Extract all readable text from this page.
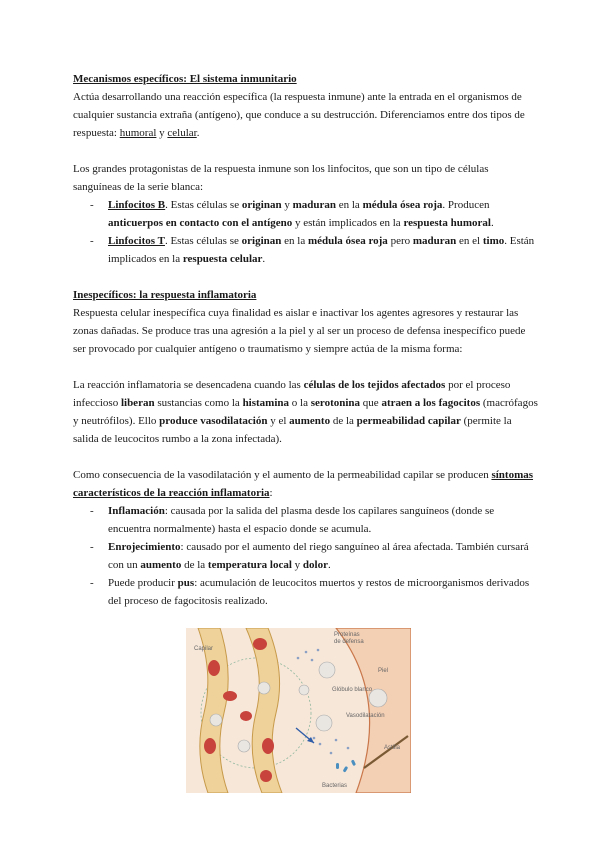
Mecanismos específicos: El sistema inmunitario

Actúa desarrollando una reacción específica (la respuesta inmune) ante la entrada en el organismos de cualquier sustancia extraña (antígeno), que conduce a su destrucción. Diferenciamos entre dos tipos de respuesta: humoral y celular.

Los grandes protagonistas de la respuesta inmune son los linfocitos, que son un tipo de células sanguíneas de la serie blanca:

- Linfocitos B. Estas células se originan y maduran en la médula ósea roja. Producen anticuerpos en contacto con el antígeno y están implicados en la respuesta humoral.
- Linfocitos T. Estas células se originan en la médula ósea roja pero maduran en el timo. Están implicados en la respuesta celular.
Inespecíficos: la respuesta inflamatoria

Respuesta celular inespecífica cuya finalidad es aislar e inactivar los agentes agresores y restaurar las zonas dañadas. Se produce tras una agresión a la piel y al ser un proceso de defensa inespecífico puede ser provocado por cualquier antígeno o traumatismo y siempre actúa de la misma forma:

La reacción inflamatoria se desencadena cuando las células de los tejidos afectados por el proceso infeccioso liberan sustancias como la histamina o la serotonina que atraen a los fagocitos (macrófagos y neutrófilos). Ello produce vasodilatación y el aumento de la permeabilidad capilar (permite la salida de leucocitos rumbo a la zona infectada).

Como consecuencia de la vasodilatación y el aumento de la permeabilidad capilar se producen síntomas característicos de la reacción inflamatoria:

- Inflamación: causada por la salida del plasma desde los capilares sanguíneos (donde se encuentra normalmente) hasta el espacio donde se acumula.
- Enrojecimiento: causado por el aumento del riego sanguíneo al área afectada. También cursará con un aumento de la temperatura local y dolor.
- Puede producir pus: acumulación de leucocitos muertos y restos de microorganismos derivados del proceso de fagocitosis realizado.
Capilar
Proteínas
de defensa
Piel
Glóbulo blanco
Vasodilatación
Astilla
Bacterias
